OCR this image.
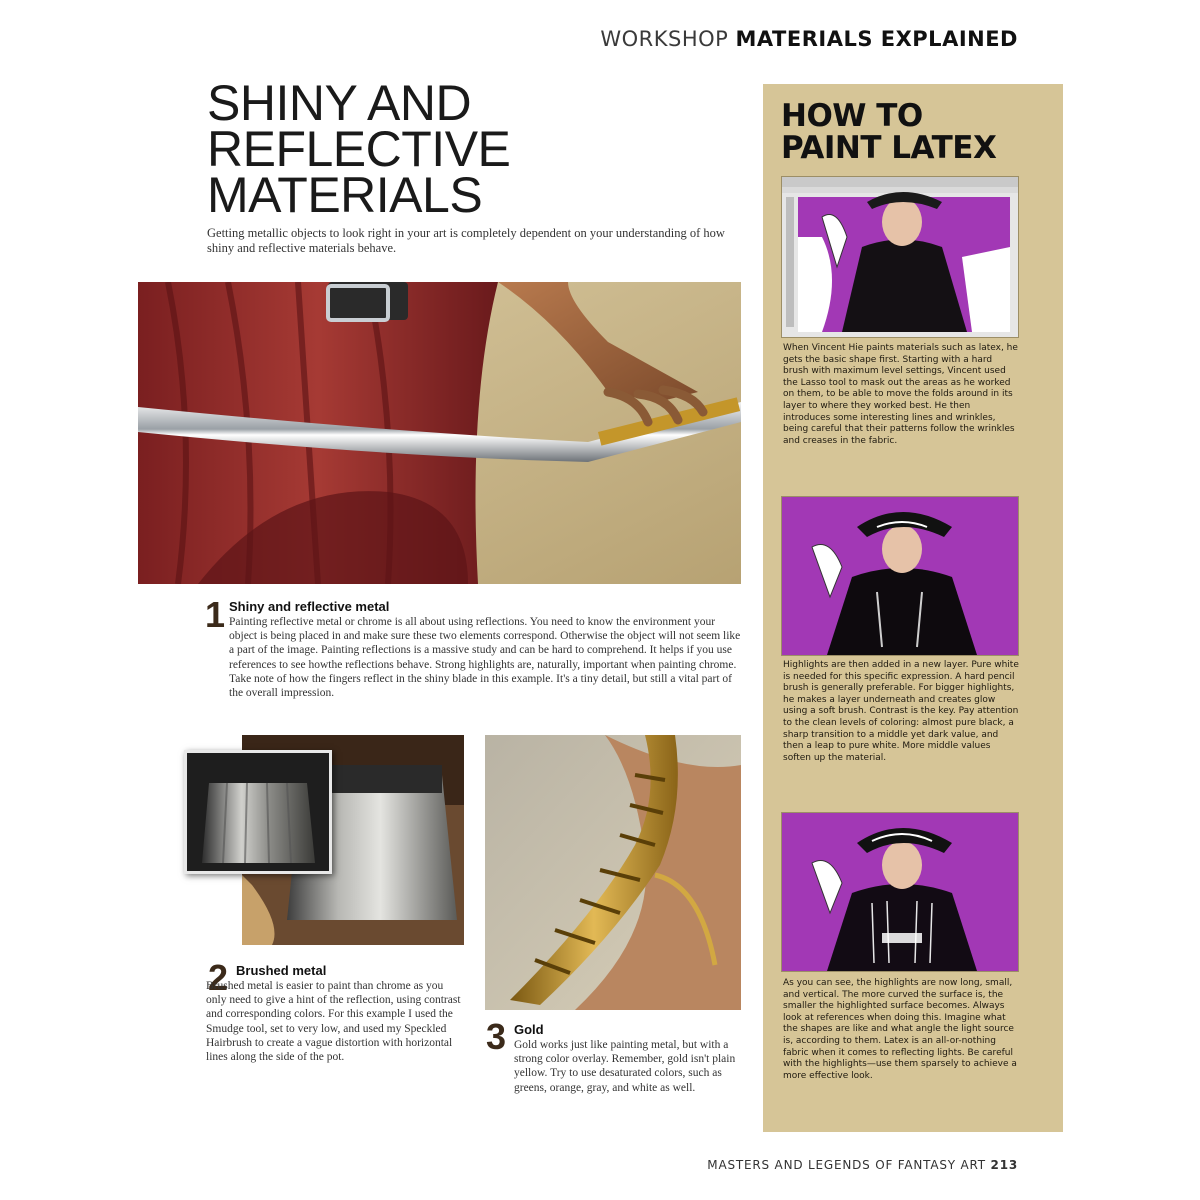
WORKSHOP MATERIALS EXPLAINED
SHINY AND
REFLECTIVE
MATERIALS
Getting metallic objects to look right in your art is completely dependent on your understanding of how shiny and reflective materials behave.
1 Shiny and reflective metal
Painting reflective metal or chrome is all about using reflections. You need to know the environment your object is being placed in and make sure these two elements correspond. Otherwise the object will not seem like a part of the image. Painting reflections is a massive study and can be hard to comprehend. It helps if you use references to see howthe reflections behave. Strong highlights are, naturally, important when painting chrome. Take note of how the fingers reflect in the shiny blade in this example. It's a tiny detail, but still a vital part of the overall impression.
2 Brushed metal
Brushed metal is easier to paint than chrome as you only need to give a hint of the reflection, using contrast and corresponding colors. For this example I used the Smudge tool, set to very low, and used my Speckled Hairbrush to create a vague distortion with horizontal lines along the side of the pot.
3 Gold
Gold works just like painting metal, but with a strong color overlay. Remember, gold isn't plain yellow. Try to use desaturated colors, such as greens, orange, gray, and white as well.
HOW TO
PAINT LATEX
When Vincent Hie paints materials such as latex, he gets the basic shape first. Starting with a hard brush with maximum level settings, Vincent used the Lasso tool to mask out the areas as he worked on them, to be able to move the folds around in its layer to where they worked best. He then introduces some interesting lines and wrinkles, being careful that their patterns follow the wrinkles and creases in the fabric.
Highlights are then added in a new layer. Pure white is needed for this specific expression. A hard pencil brush is generally preferable. For bigger highlights, he makes a layer underneath and creates glow using a soft brush. Contrast is the key. Pay attention to the clean levels of coloring: almost pure black, a sharp transition to a middle yet dark value, and then a leap to pure white. More middle values soften up the material.
As you can see, the highlights are now long, small, and vertical. The more curved the surface is, the smaller the highlighted surface becomes. Always look at references when doing this. Imagine what the shapes are like and what angle the light source is, according to them. Latex is an all-or-nothing fabric when it comes to reflecting lights. Be careful with the highlights—use them sparsely to achieve a more effective look.
MASTERS AND LEGENDS OF FANTASY ART 213
